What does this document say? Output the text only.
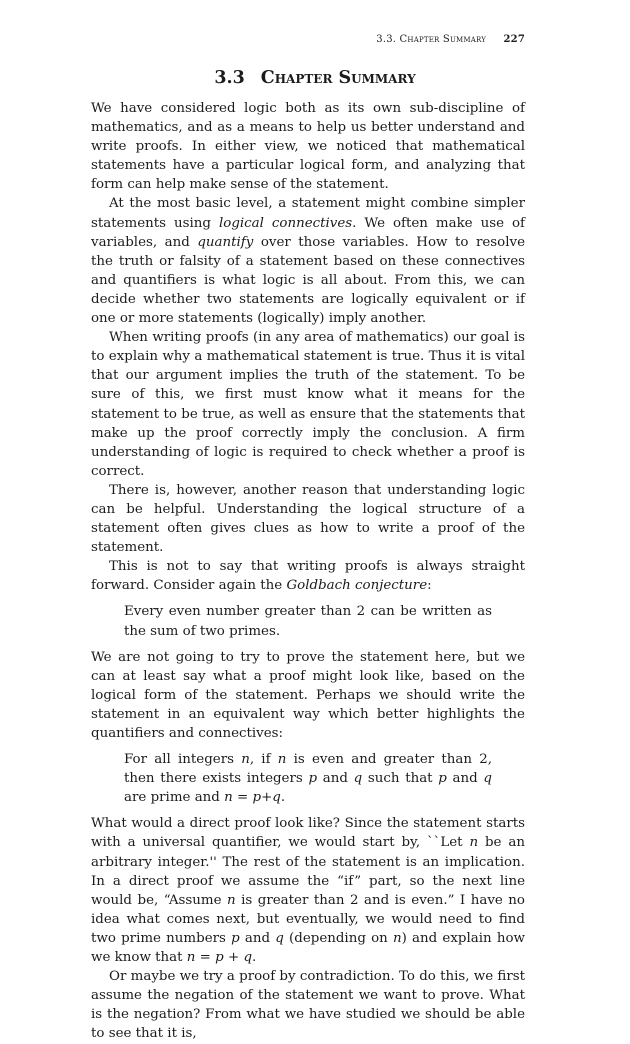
3.3. Chapter Summary 227
3.3 Chapter Summary

We have considered logic both as its own sub-discipline of mathematics, and as a means to help us better understand and write proofs. In either view, we noticed that mathematical statements have a particular logical form, and analyzing that form can help make sense of the statement.

At the most basic level, a statement might combine simpler statements using logical connectives. We often make use of variables, and quantify over those variables. How to resolve the truth or falsity of a statement based on these connectives and quantifiers is what logic is all about. From this, we can decide whether two statements are logically equivalent or if one or more statements (logically) imply another.

When writing proofs (in any area of mathematics) our goal is to explain why a mathematical statement is true. Thus it is vital that our argument implies the truth of the statement. To be sure of this, we first must know what it means for the statement to be true, as well as ensure that the statements that make up the proof correctly imply the conclusion. A firm understanding of logic is required to check whether a proof is correct.

There is, however, another reason that understanding logic can be helpful. Understanding the logical structure of a statement often gives clues as how to write a proof of the statement.

This is not to say that writing proofs is always straight forward. Consider again the Goldbach conjecture:

Every even number greater than 2 can be written as the sum of two primes.

We are not going to try to prove the statement here, but we can at least say what a proof might look like, based on the logical form of the statement. Perhaps we should write the statement in an equivalent way which better highlights the quantifiers and connectives:

For all integers n, if n is even and greater than 2, then there exists integers p and q such that p and q are prime and n = p+q.

What would a direct proof look like? Since the statement starts with a universal quantifier, we would start by, ``Let n be an arbitrary integer.'' The rest of the statement is an implication. In a direct proof we assume the “if” part, so the next line would be, “Assume n is greater than 2 and is even.” I have no idea what comes next, but eventually, we would need to find two prime numbers p and q (depending on n) and explain how we know that n = p + q.

Or maybe we try a proof by contradiction. To do this, we first assume the negation of the statement we want to prove. What is the negation? From what we have studied we should be able to see that it is,
